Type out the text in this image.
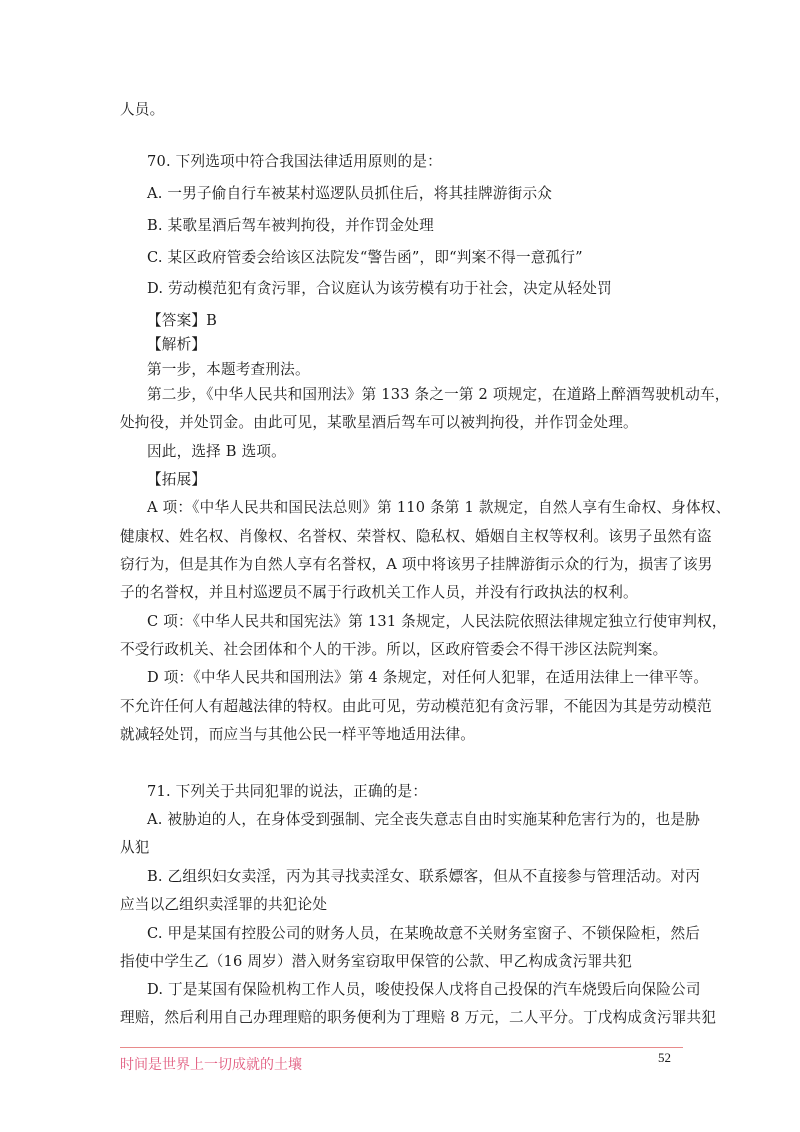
人员。
70. 下列选项中符合我国法律适用原则的是：
A. 一男子偷自行车被某村巡逻队员抓住后，将其挂牌游街示众
B. 某歌星酒后驾车被判拘役，并作罚金处理
C. 某区政府管委会给该区法院发“警告函”，即“判案不得一意孤行”
D. 劳动模范犯有贪污罪，合议庭认为该劳模有功于社会，决定从轻处罚
【答案】B
【解析】
第一步，本题考查刑法。
第二步，《中华人民共和国刑法》第 133 条之一第 2 项规定，在道路上醉酒驾驶机动车，
处拘役，并处罚金。由此可见，某歌星酒后驾车可以被判拘役，并作罚金处理。
因此，选择 B 选项。
【拓展】
A 项：《中华人民共和国民法总则》第 110 条第 1 款规定，自然人享有生命权、身体权、
健康权、姓名权、肖像权、名誉权、荣誉权、隐私权、婚姻自主权等权利。该男子虽然有盗
窃行为，但是其作为自然人享有名誉权，A 项中将该男子挂牌游街示众的行为，损害了该男
子的名誉权，并且村巡逻员不属于行政机关工作人员，并没有行政执法的权利。
C 项：《中华人民共和国宪法》第 131 条规定，人民法院依照法律规定独立行使审判权，
不受行政机关、社会团体和个人的干涉。所以，区政府管委会不得干涉区法院判案。
D 项：《中华人民共和国刑法》第 4 条规定，对任何人犯罪，在适用法律上一律平等。
不允许任何人有超越法律的特权。由此可见，劳动模范犯有贪污罪，不能因为其是劳动模范
就减轻处罚，而应当与其他公民一样平等地适用法律。
71. 下列关于共同犯罪的说法，正确的是：
A. 被胁迫的人，在身体受到强制、完全丧失意志自由时实施某种危害行为的，也是胁
从犯
B. 乙组织妇女卖淫，丙为其寻找卖淫女、联系嫖客，但从不直接参与管理活动。对丙
应当以乙组织卖淫罪的共犯论处
C. 甲是某国有控股公司的财务人员，在某晚故意不关财务室窗子、不锁保险柜，然后
指使中学生乙（16 周岁）潜入财务室窃取甲保管的公款、甲乙构成贪污罪共犯
D. 丁是某国有保险机构工作人员，唆使投保人戊将自己投保的汽车烧毁后向保险公司
理赔，然后利用自己办理理赔的职务便利为丁理赔 8 万元，二人平分。丁戊构成贪污罪共犯
时间是世界上一切成就的土壤	52
